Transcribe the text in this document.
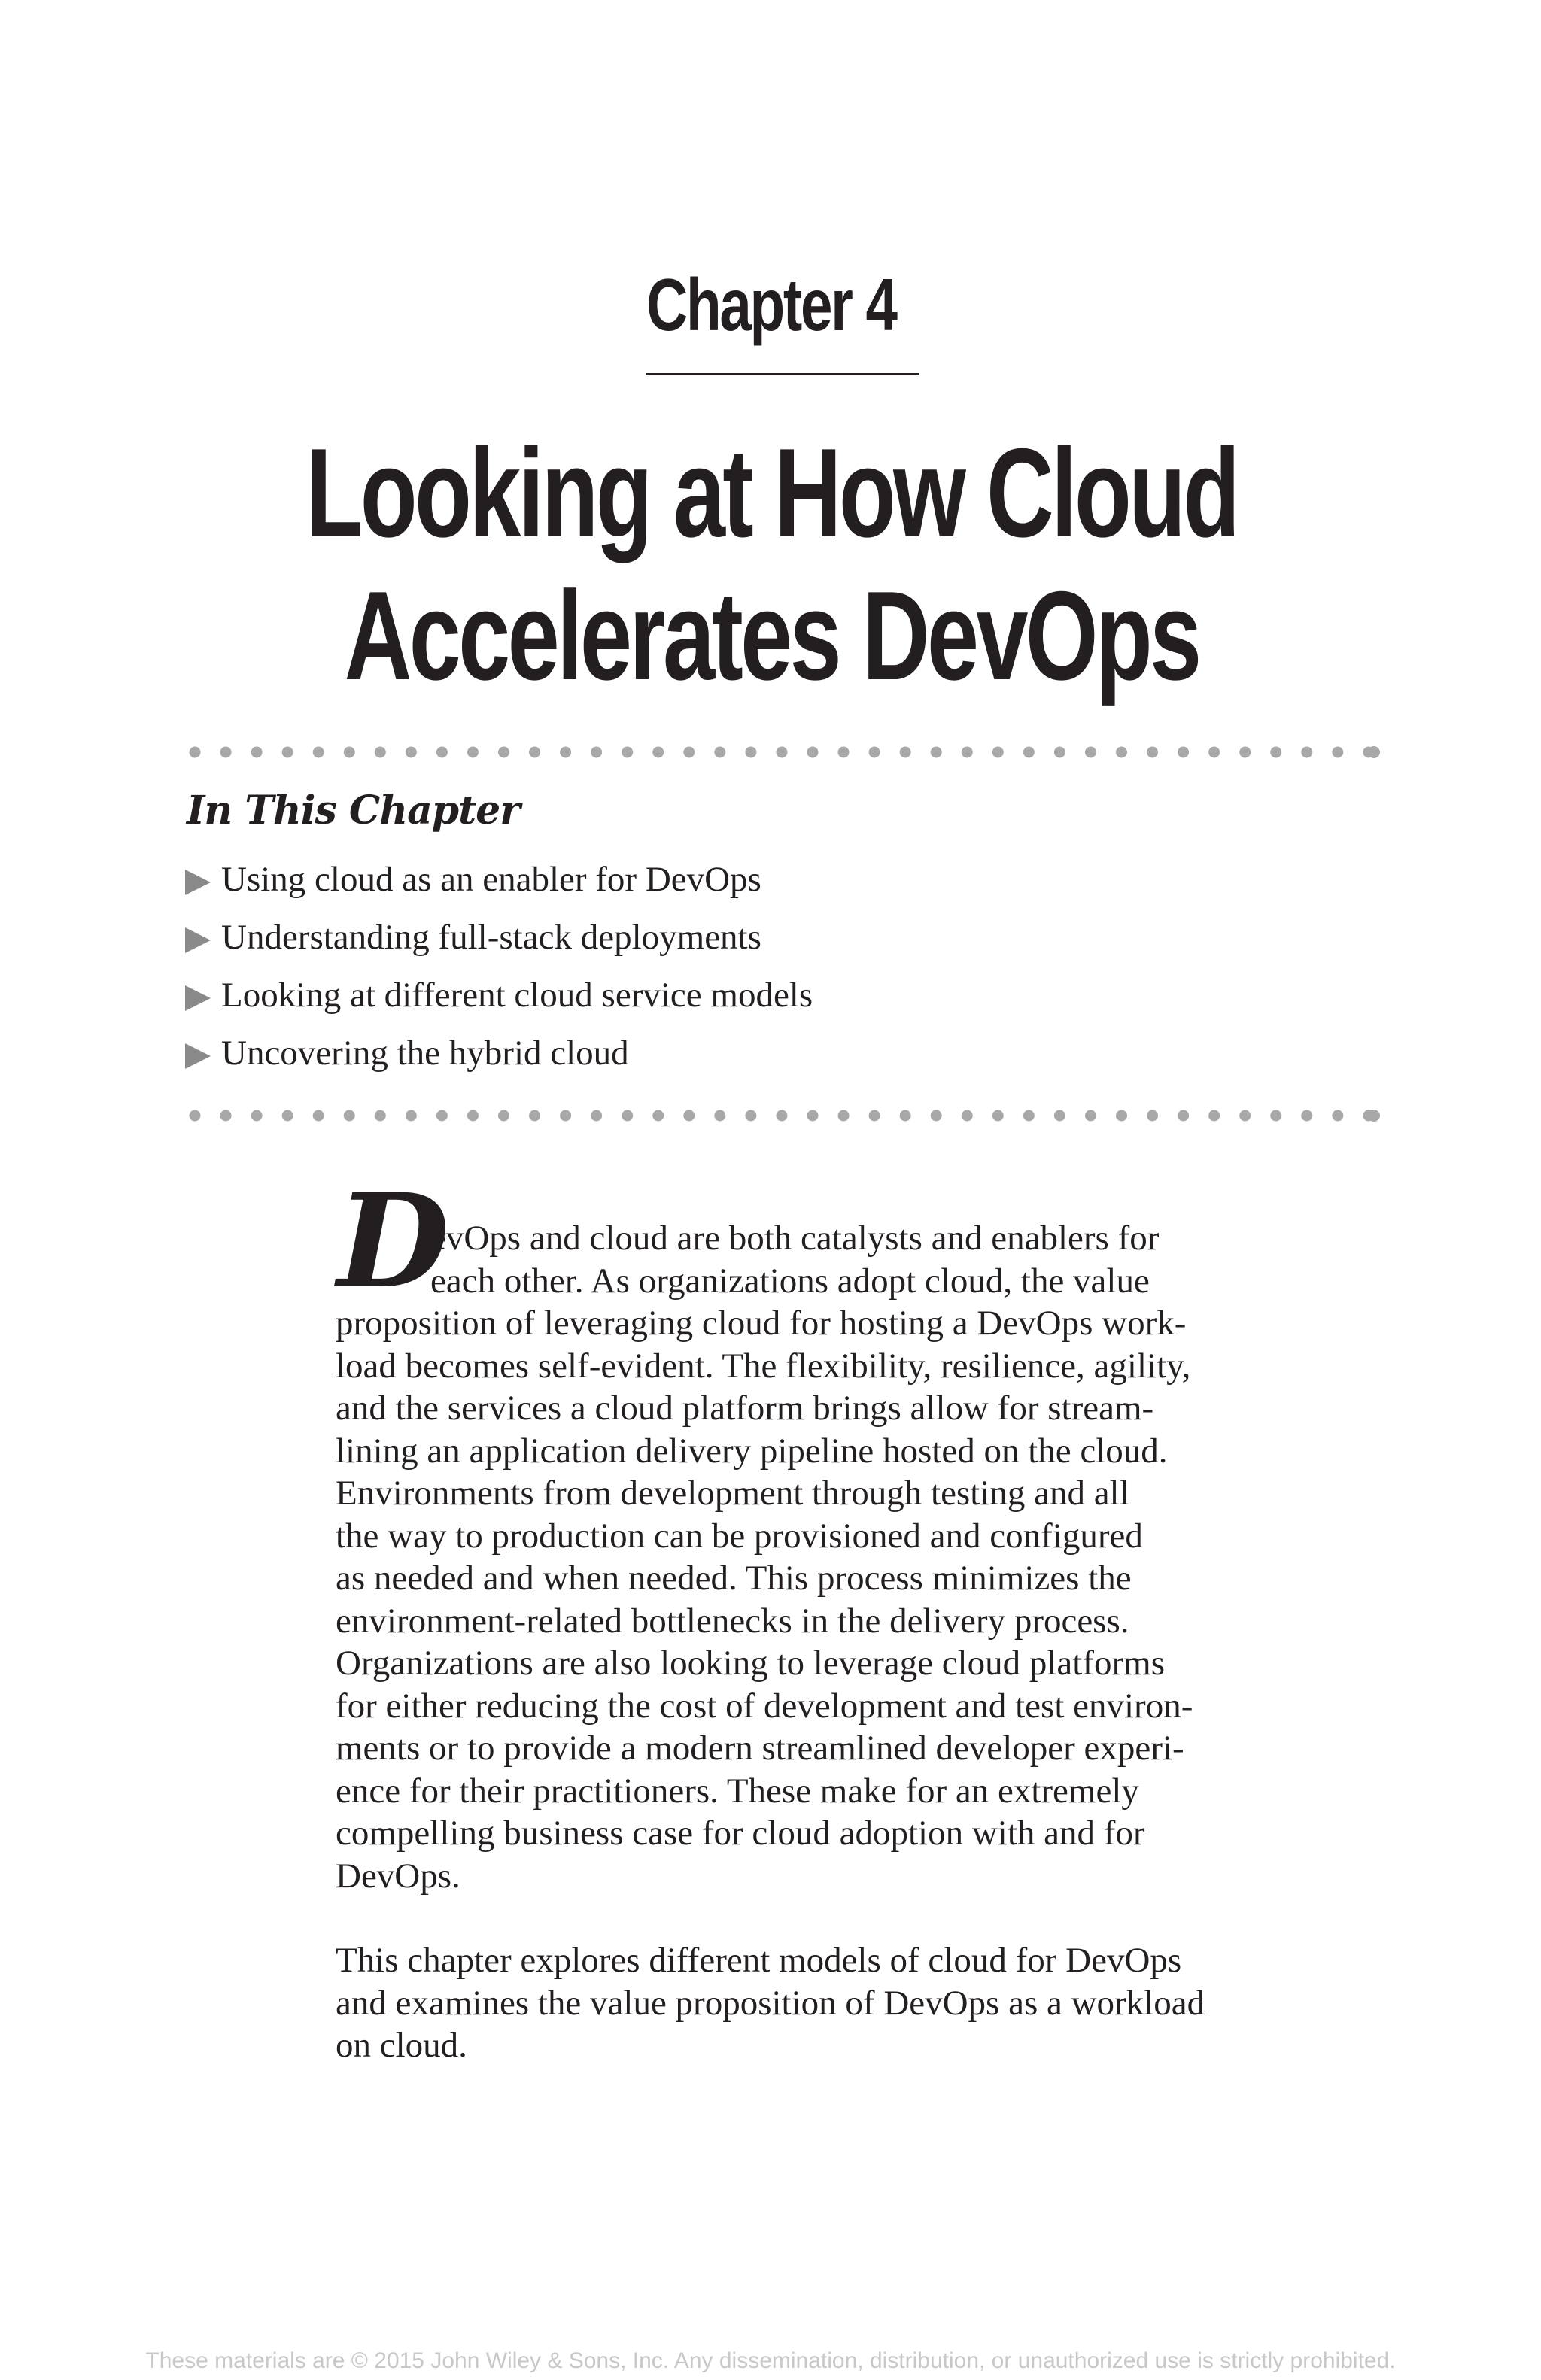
Chapter 4
Looking at How Cloud
Accelerates DevOps
In This Chapter
Using cloud as an enabler for DevOps
Understanding full-stack deployments
Looking at different cloud service models
Uncovering the hybrid cloud
D
evOps and cloud are both catalysts and enablers for
each other. As organizations adopt cloud, the value
proposition of leveraging cloud for hosting a DevOps work-
load becomes self-evident. The flexibility, resilience, agility,
and the services a cloud platform brings allow for stream-
lining an application delivery pipeline hosted on the cloud.
Environments from development through testing and all
the way to production can be provisioned and configured
as needed and when needed. This process minimizes the
environment-related bottlenecks in the delivery process.
Organizations are also looking to leverage cloud platforms
for either reducing the cost of development and test environ-
ments or to provide a modern streamlined developer experi-
ence for their practitioners. These make for an extremely
compelling business case for cloud adoption with and for
DevOps.
This chapter explores different models of cloud for DevOps
and examines the value proposition of DevOps as a workload
on cloud.
These materials are © 2015 John Wiley & Sons, Inc. Any dissemination, distribution, or unauthorized use is strictly prohibited.
